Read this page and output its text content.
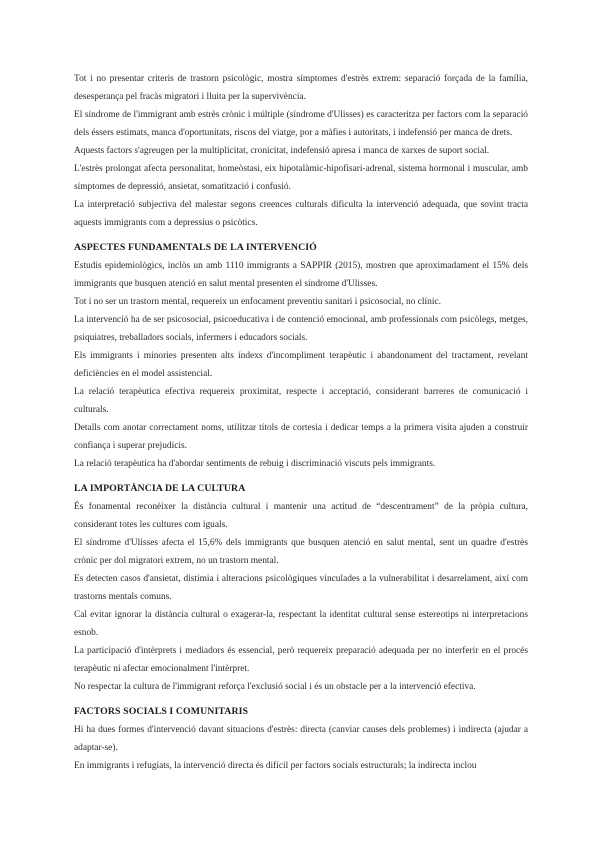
Tot i no presentar criteris de trastorn psicològic, mostra símptomes d'estrès extrem: separació forçada de la família, desesperança pel fracàs migratori i lluita per la supervivència.

El síndrome de l'immigrant amb estrès crònic i múltiple (síndrome d'Ulisses) es caracteritza per factors com la separació dels éssers estimats, manca d'oportunitats, riscos del viatge, por a màfies i autoritats, i indefensió per manca de drets.

Aquests factors s'agreugen per la multiplicitat, cronicitat, indefensió apresa i manca de xarxes de suport social.

L'estrès prolongat afecta personalitat, homeòstasi, eix hipotalàmic-hipofisari-adrenal, sistema hormonal i muscular, amb símptomes de depressió, ansietat, somatització i confusió.

La interpretació subjectiva del malestar segons creences culturals dificulta la intervenció adequada, que sovint tracta aquests immigrants com a depressius o psicòtics.

ASPECTES FUNDAMENTALS DE LA INTERVENCIÓ

Estudis epidemiològics, inclòs un amb 1110 immigrants a SAPPIR (2015), mostren que aproximadament el 15% dels immigrants que busquen atenció en salut mental presenten el síndrome d'Ulisses.

Tot i no ser un trastorn mental, requereix un enfocament preventiu sanitari i psicosocial, no clínic.

La intervenció ha de ser psicosocial, psicoeducativa i de contenció emocional, amb professionals com psicòlegs, metges, psiquiatres, treballadors socials, infermers i educadors socials.

Els immigrants i minories presenten alts índexs d'incompliment terapèutic i abandonament del tractament, revelant deficiències en el model assistencial.

La relació terapèutica efectiva requereix proximitat, respecte i acceptació, considerant barreres de comunicació i culturals.

Detalls com anotar correctament noms, utilitzar títols de cortesia i dedicar temps a la primera visita ajuden a construir confiança i superar prejudicis.

La relació terapèutica ha d'abordar sentiments de rebuig i discriminació viscuts pels immigrants.

LA IMPORTÀNCIA DE LA CULTURA

És fonamental reconèixer la distància cultural i mantenir una actitud de “descentrament” de la pròpia cultura, considerant totes les cultures com iguals.

El síndrome d'Ulisses afecta el 15,6% dels immigrants que busquen atenció en salut mental, sent un quadre d'estrès crònic per dol migratori extrem, no un trastorn mental.

Es detecten casos d'ansietat, distímia i alteracions psicològiques vinculades a la vulnerabilitat i desarrelament, així com trastorns mentals comuns.

Cal evitar ignorar la distància cultural o exagerar-la, respectant la identitat cultural sense estereotips ni interpretacions esnob.

La participació d'intèrprets i mediadors és essencial, però requereix preparació adequada per no interferir en el procés terapèutic ni afectar emocionalment l'intèrpret.

No respectar la cultura de l'immigrant reforça l'exclusió social i és un obstacle per a la intervenció efectiva.

FACTORS SOCIALS I COMUNITARIS

Hi ha dues formes d'intervenció davant situacions d'estrès: directa (canviar causes dels problemes) i indirecta (ajudar a adaptar-se).

En immigrants i refugiats, la intervenció directa és difícil per factors socials estructurals; la indirecta inclou
